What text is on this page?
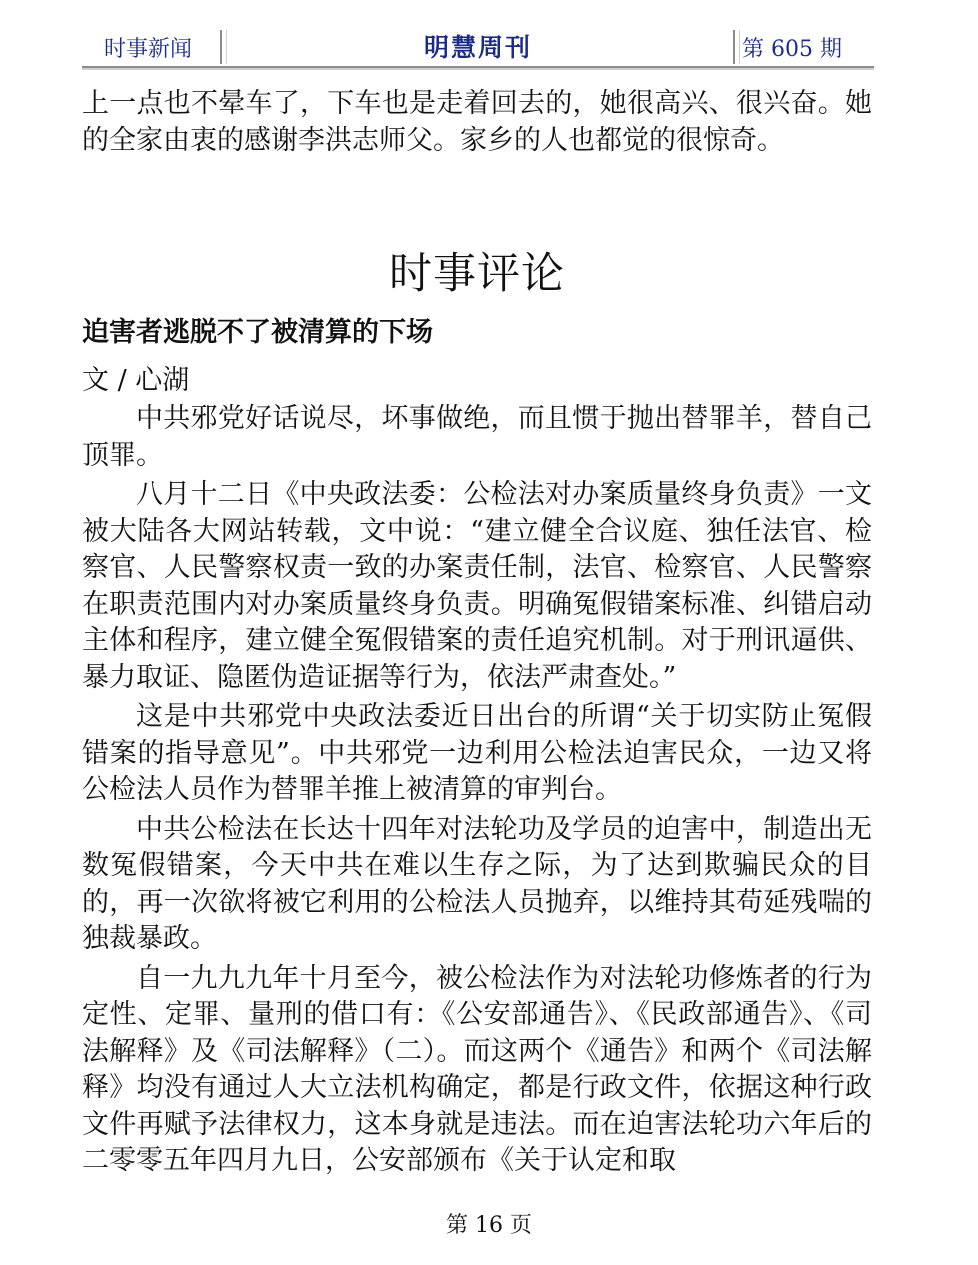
时事新闻	明慧周刊	第 605 期

上一点也不晕车了，下车也是走着回去的，她很高兴、很兴奋。她的全家由衷的感谢李洪志师父。家乡的人也都觉的很惊奇。

时事评论
迫害者逃脱不了被清算的下场
文 / 心湖

中共邪党好话说尽，坏事做绝，而且惯于抛出替罪羊，替自己顶罪。

八月十二日《中央政法委：公检法对办案质量终身负责》一文被大陆各大网站转载，文中说：“建立健全合议庭、独任法官、检察官、人民警察权责一致的办案责任制，法官、检察官、人民警察在职责范围内对办案质量终身负责。明确冤假错案标准、纠错启动主体和程序，建立健全冤假错案的责任追究机制。对于刑讯逼供、暴力取证、隐匿伪造证据等行为，依法严肃查处。”

这是中共邪党中央政法委近日出台的所谓“关于切实防止冤假错案的指导意见”。中共邪党一边利用公检法迫害民众，一边又将公检法人员作为替罪羊推上被清算的审判台。

中共公检法在长达十四年对法轮功及学员的迫害中，制造出无数冤假错案，今天中共在难以生存之际，为了达到欺骗民众的目的，再一次欲将被它利用的公检法人员抛弃，以维持其苟延残喘的独裁暴政。

自一九九九年十月至今，被公检法作为对法轮功修炼者的行为定性、定罪、量刑的借口有：《公安部通告》、《民政部通告》、《司法解释》及《司法解释》（二）。而这两个《通告》和两个《司法解释》均没有通过人大立法机构确定，都是行政文件，依据这种行政文件再赋予法律权力，这本身就是违法。而在迫害法轮功六年后的二零零五年四月九日，公安部颁布《关于认定和取

第 16 页
